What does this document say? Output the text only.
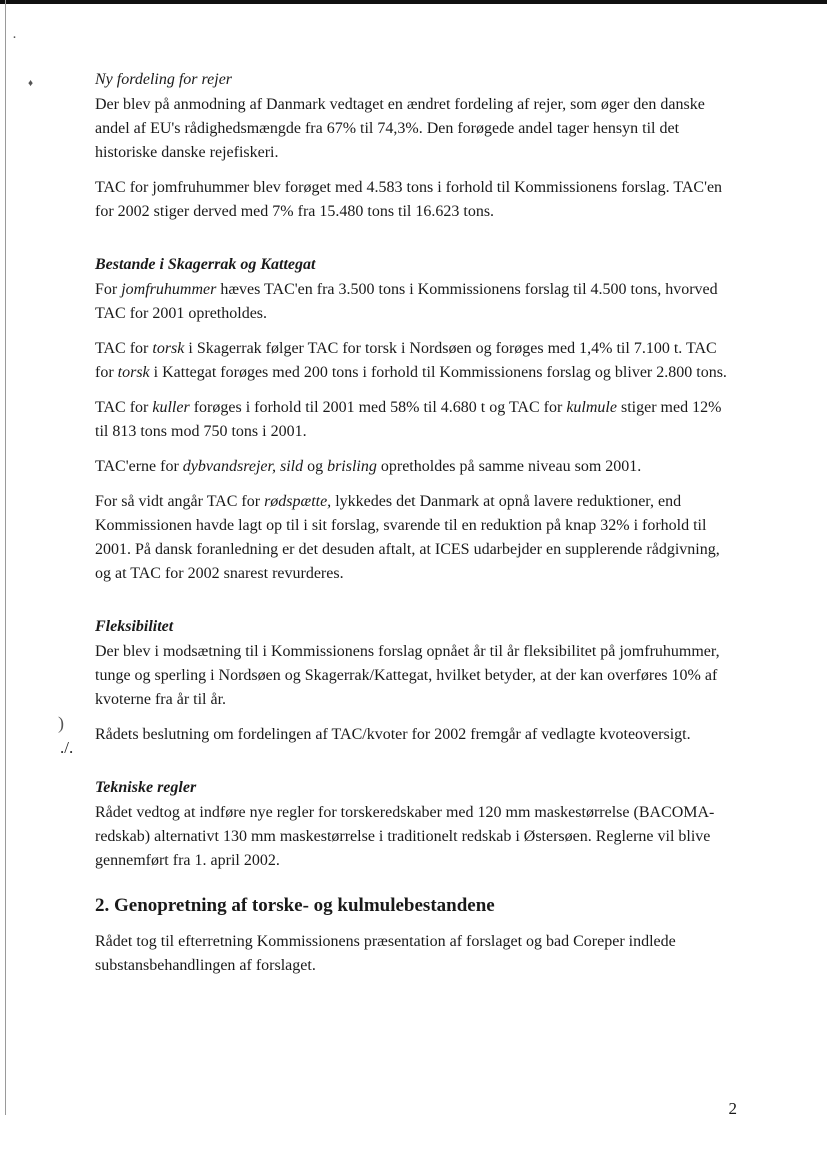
·
♦
)
./.
Ny fordeling for rejer

Der blev på anmodning af Danmark vedtaget en ændret fordeling af rejer, som øger den danske andel af EU's rådighedsmængde fra 67% til 74,3%. Den forøgede andel tager hensyn til det historiske danske rejefiskeri.

TAC for jomfruhummer blev forøget med 4.583 tons i forhold til Kommissionens forslag. TAC'en for 2002 stiger derved med 7% fra 15.480 tons til 16.623 tons.

Bestande i Skagerrak og Kattegat

For jomfruhummer hæves TAC'en fra 3.500 tons i Kommissionens forslag til 4.500 tons, hvorved TAC for 2001 opretholdes.

TAC for torsk i Skagerrak følger TAC for torsk i Nordsøen og forøges med 1,4% til 7.100 t. TAC for torsk i Kattegat forøges med 200 tons i forhold til Kommissionens forslag og bliver 2.800 tons.

TAC for kuller forøges i forhold til 2001 med 58% til 4.680 t og TAC for kulmule stiger med 12% til 813 tons mod 750 tons i 2001.

TAC'erne for dybvandsrejer, sild og brisling opretholdes på samme niveau som 2001.

For så vidt angår TAC for rødspætte, lykkedes det Danmark at opnå lavere reduktioner, end Kommissionen havde lagt op til i sit forslag, svarende til en reduktion på knap 32% i forhold til 2001. På dansk foranledning er det desuden aftalt, at ICES udarbejder en supplerende rådgivning, og at TAC for 2002 snarest revurderes.

Fleksibilitet

Der blev i modsætning til i Kommissionens forslag opnået år til år fleksibilitet på jomfruhummer, tunge og sperling i Nordsøen og Skagerrak/Kattegat, hvilket betyder, at der kan overføres 10% af kvoterne fra år til år.

Rådets beslutning om fordelingen af TAC/kvoter for 2002 fremgår af vedlagte kvoteoversigt.

Tekniske regler

Rådet vedtog at indføre nye regler for torskeredskaber med 120 mm maskestørrelse (BACOMA-redskab) alternativt 130 mm maskestørrelse i traditionelt redskab i Østersøen. Reglerne vil blive gennemført fra 1. april 2002.

2. Genopretning af torske- og kulmulebestandene

Rådet tog til efterretning Kommissionens præsentation af forslaget og bad Coreper indlede substansbehandlingen af forslaget.

2
